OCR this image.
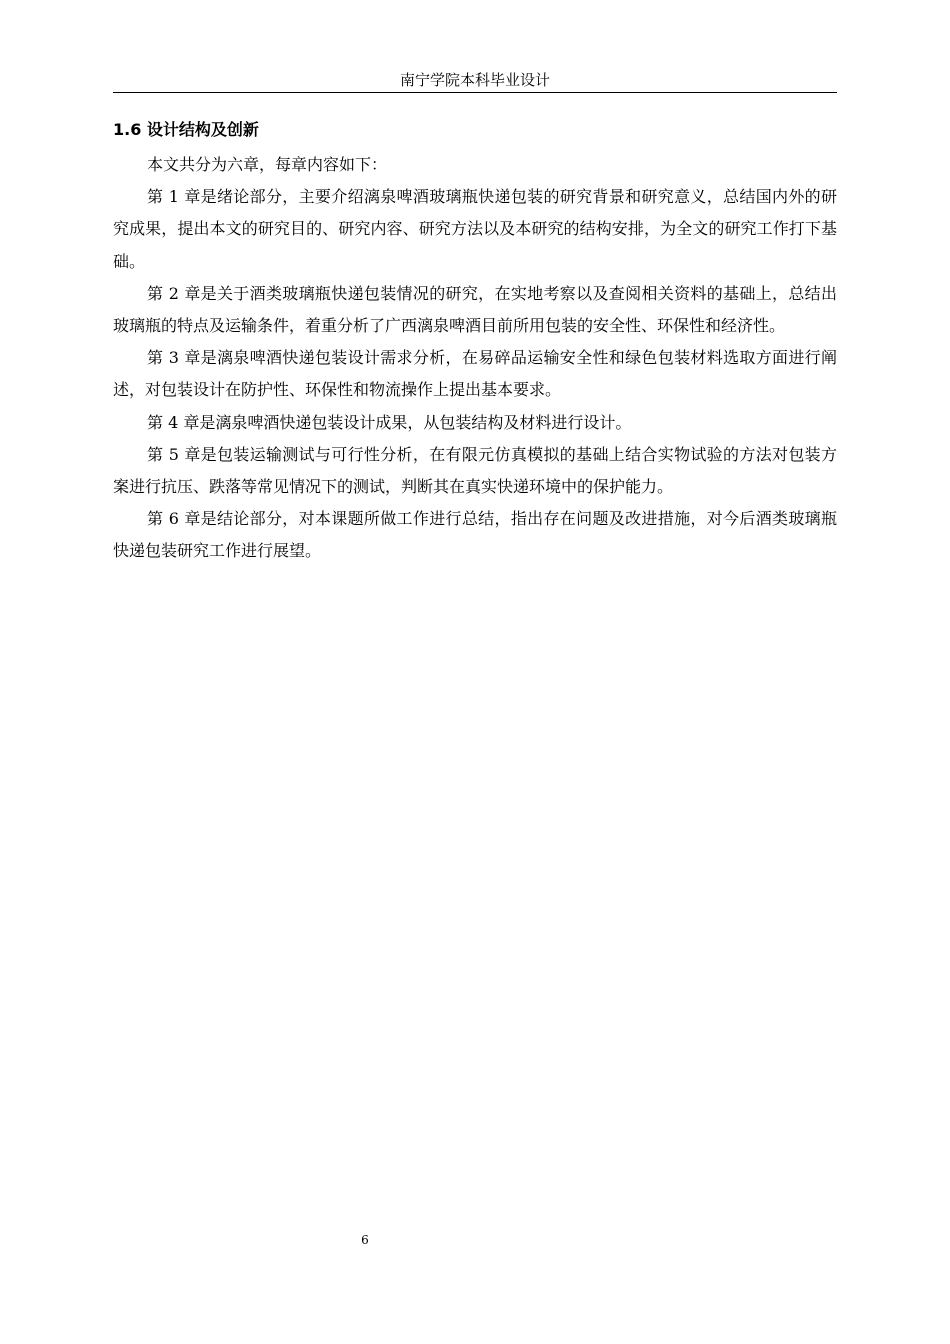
南宁学院本科毕业设计
1.6 设计结构及创新

本文共分为六章，每章内容如下：

第 1 章是绪论部分，主要介绍漓泉啤酒玻璃瓶快递包装的研究背景和研究意义，总结国内外的研究成果，提出本文的研究目的、研究内容、研究方法以及本研究的结构安排，为全文的研究工作打下基础。

第 2 章是关于酒类玻璃瓶快递包装情况的研究，在实地考察以及查阅相关资料的基础上，总结出玻璃瓶的特点及运输条件，着重分析了广西漓泉啤酒目前所用包装的安全性、环保性和经济性。

第 3 章是漓泉啤酒快递包装设计需求分析，在易碎品运输安全性和绿色包装材料选取方面进行阐述，对包装设计在防护性、环保性和物流操作上提出基本要求。

第 4 章是漓泉啤酒快递包装设计成果，从包装结构及材料进行设计。

第 5 章是包装运输测试与可行性分析，在有限元仿真模拟的基础上结合实物试验的方法对包装方案进行抗压、跌落等常见情况下的测试，判断其在真实快递环境中的保护能力。

第 6 章是结论部分，对本课题所做工作进行总结，指出存在问题及改进措施，对今后酒类玻璃瓶快递包装研究工作进行展望。

6
